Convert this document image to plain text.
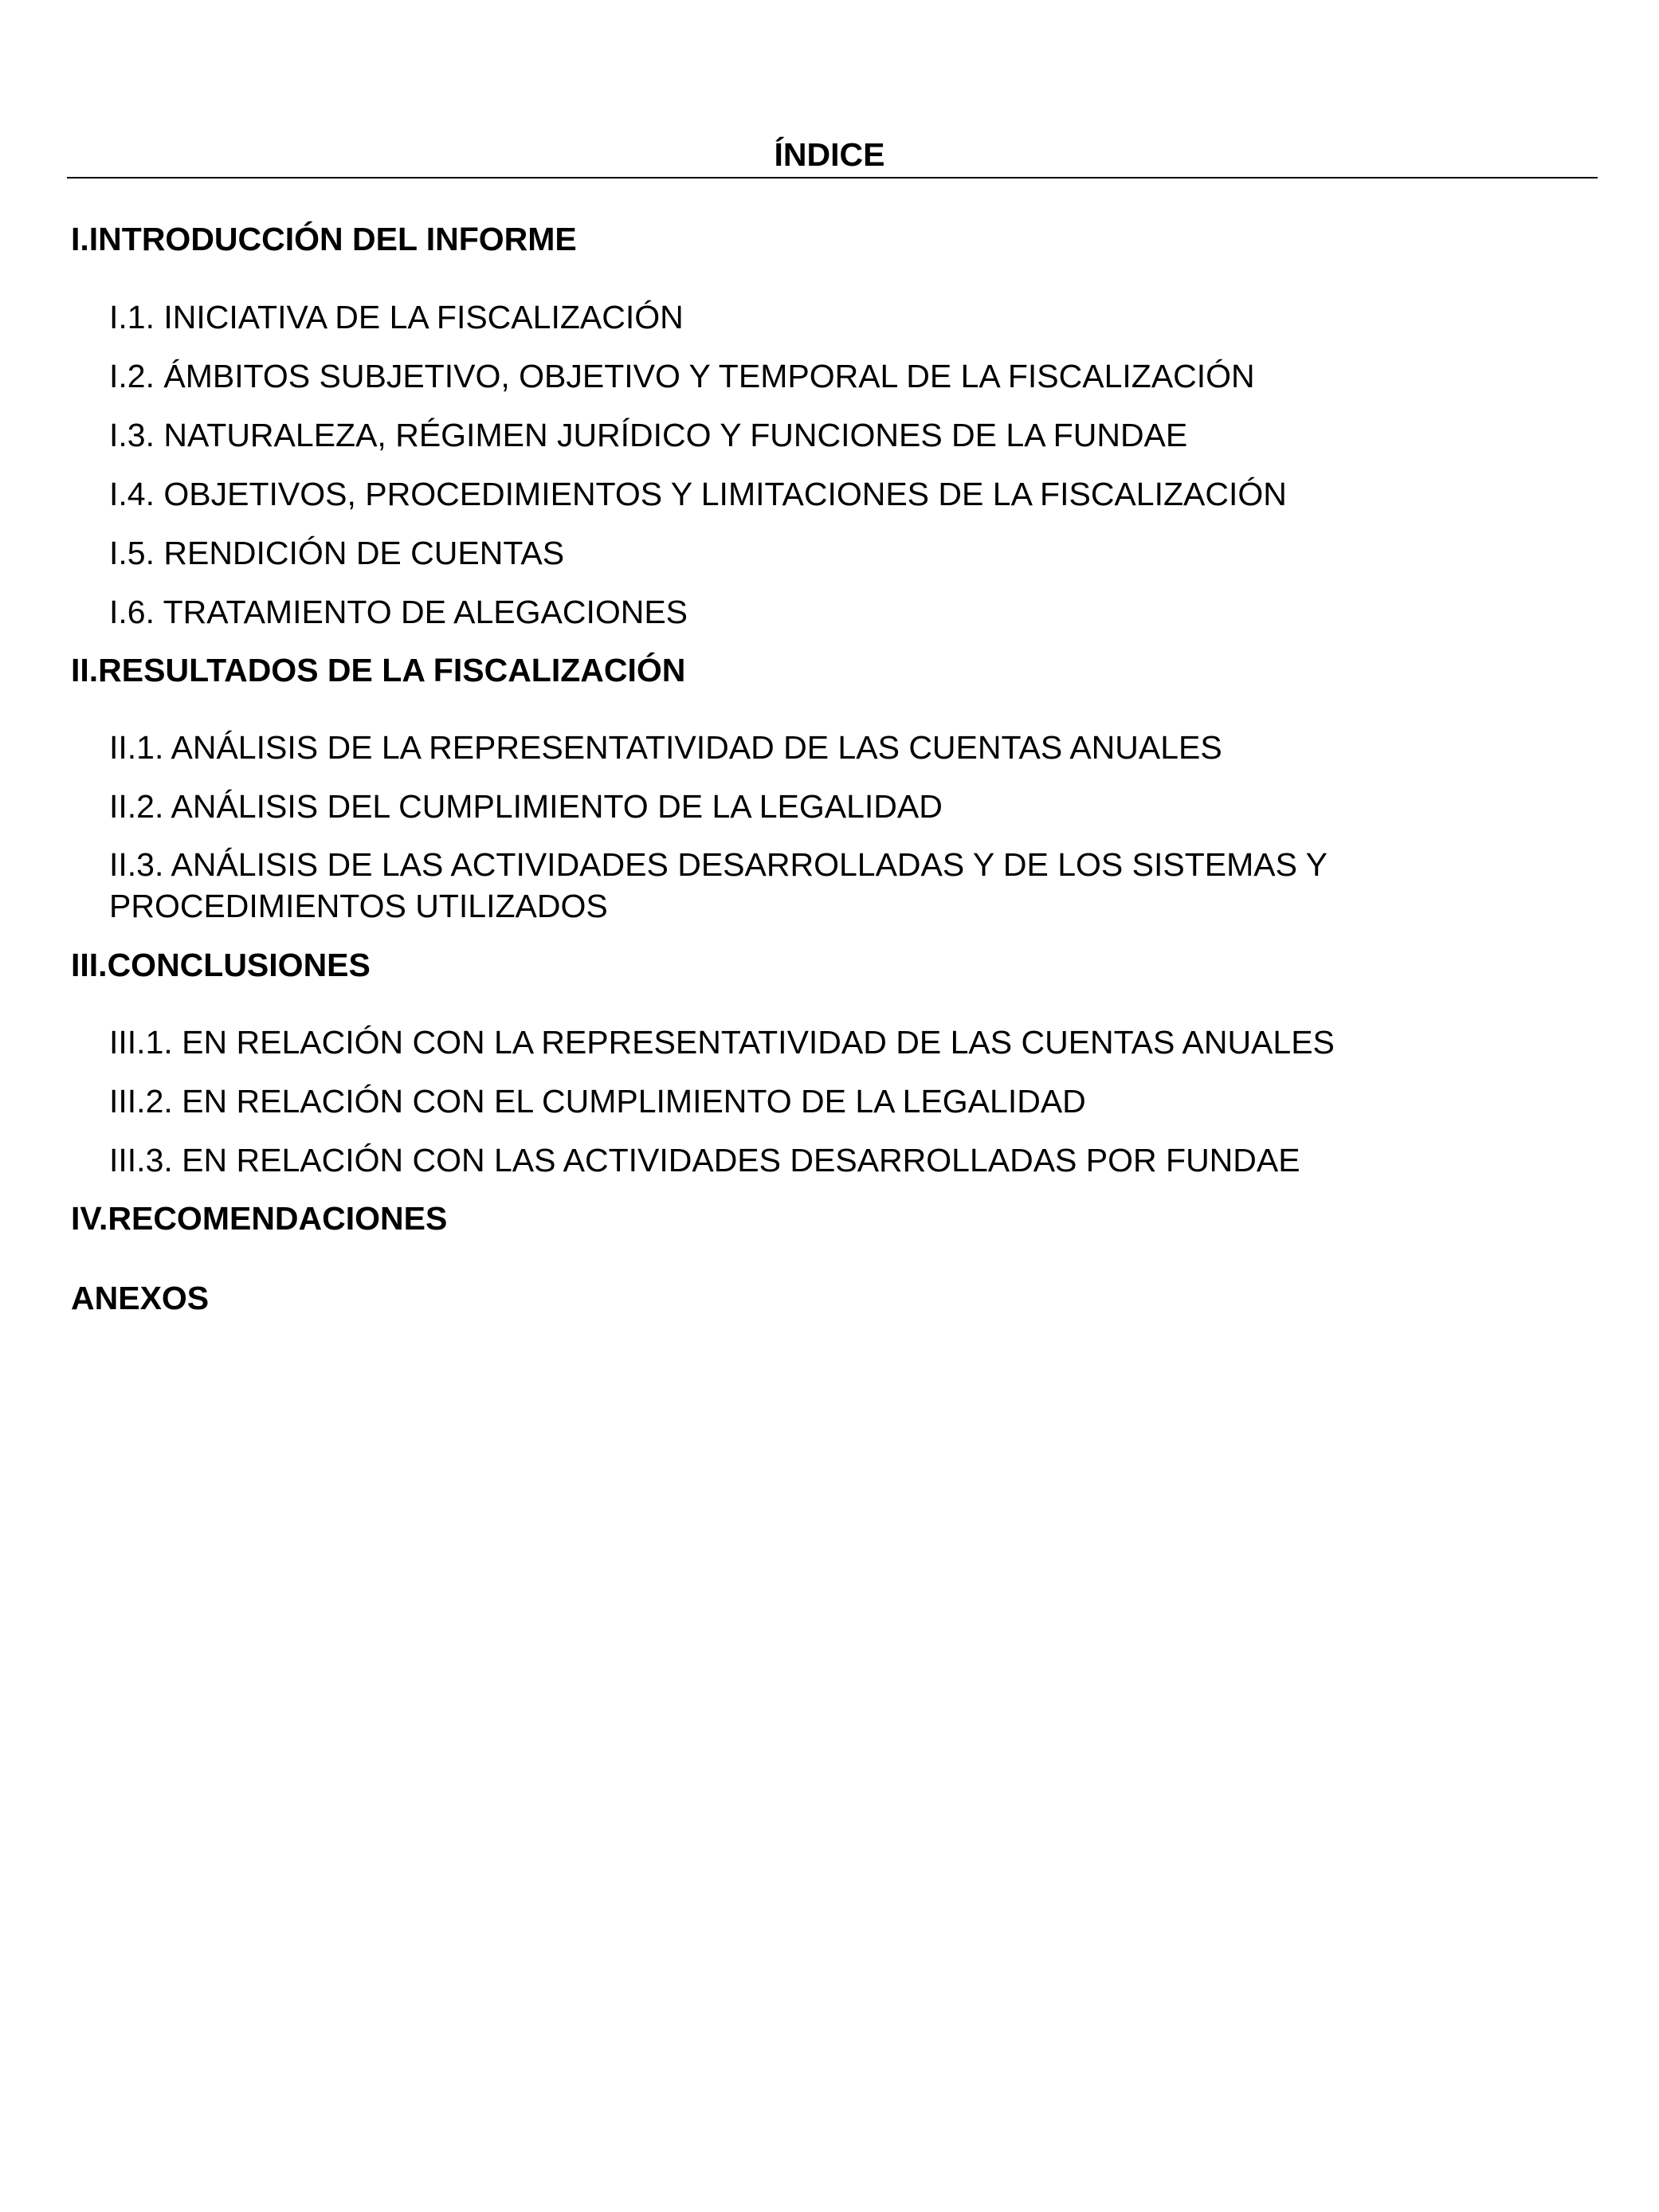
ÍNDICE

I.INTRODUCCIÓN DEL INFORME

I.1. INICIATIVA DE LA FISCALIZACIÓN

I.2. ÁMBITOS SUBJETIVO, OBJETIVO Y TEMPORAL DE LA FISCALIZACIÓN

I.3. NATURALEZA, RÉGIMEN JURÍDICO Y FUNCIONES DE LA FUNDAE

I.4. OBJETIVOS, PROCEDIMIENTOS Y LIMITACIONES DE LA FISCALIZACIÓN

I.5. RENDICIÓN DE CUENTAS

I.6. TRATAMIENTO DE ALEGACIONES

II.RESULTADOS DE LA FISCALIZACIÓN

II.1. ANÁLISIS DE LA REPRESENTATIVIDAD DE LAS CUENTAS ANUALES

II.2. ANÁLISIS DEL CUMPLIMIENTO DE LA LEGALIDAD

II.3. ANÁLISIS DE LAS ACTIVIDADES DESARROLLADAS Y DE LOS SISTEMAS Y PROCEDIMIENTOS UTILIZADOS

III.CONCLUSIONES

III.1. EN RELACIÓN CON LA REPRESENTATIVIDAD DE LAS CUENTAS ANUALES

III.2. EN RELACIÓN CON EL CUMPLIMIENTO DE LA LEGALIDAD

III.3. EN RELACIÓN CON LAS ACTIVIDADES DESARROLLADAS POR FUNDAE

IV.RECOMENDACIONES

ANEXOS
